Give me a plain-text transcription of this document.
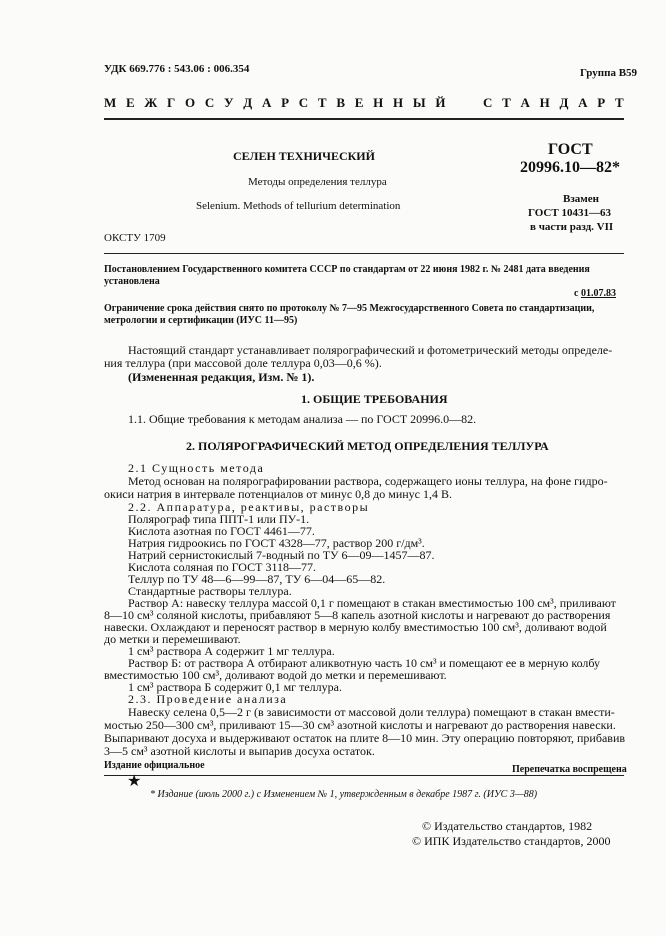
УДК 669.776 : 543.06 : 006.354	Группа В59
М Е Ж Г О С У Д А Р С Т В Е Н Н Ы Й	С Т А Н Д А Р Т
СЕЛЕН ТЕХНИЧЕСКИЙ
Методы определения теллура
Selenium. Methods of tellurium determination
ГОСТ
20996.10—82*
Взамен
ГОСТ 10431—63
в части разд. VII
ОКСТУ 1709
Постановлением Государственного комитета СССР по стандартам от 22 июня 1982 г. № 2481 дата введения
установлена
с 01.07.83
Ограничение срока действия снято по протоколу № 7—95 Межгосударственного Совета по стандартизации,
метрологии и сертификации (ИУС 11—95)
Настоящий стандарт устанавливает полярографический и фотометрический методы определе-
ния теллура (при массовой доле теллура 0,03—0,6 %).
(Измененная редакция, Изм. № 1).
1. ОБЩИЕ ТРЕБОВАНИЯ
1.1. Общие требования к методам анализа — по ГОСТ 20996.0—82.
2. ПОЛЯРОГРАФИЧЕСКИЙ МЕТОД ОПРЕДЕЛЕНИЯ ТЕЛЛУРА
2.1 Сущность метода
Метод основан на полярографировании раствора, содержащего ионы теллура, на фоне гидро-
окиси натрия в интервале потенциалов от минус 0,8 до минус 1,4 В.
2.2. Аппаратура, реактивы, растворы
Полярограф типа ППТ-1 или ПУ-1.
Кислота азотная по ГОСТ 4461—77.
Натрия гидроокись по ГОСТ 4328—77, раствор 200 г/дм³.
Натрий сернистокислый 7-водный по ТУ 6—09—1457—87.
Кислота соляная по ГОСТ 3118—77.
Теллур по ТУ 48—6—99—87, ТУ 6—04—65—82.
Стандартные растворы теллура.
Раствор А: навеску теллура массой 0,1 г помещают в стакан вместимостью 100 см³, приливают
8—10 см³ соляной кислоты, прибавляют 5—8 капель азотной кислоты и нагревают до растворения
навески. Охлаждают и переносят раствор в мерную колбу вместимостью 100 см³, доливают водой
до метки и перемешивают.
1 см³ раствора А содержит 1 мг теллура.
Раствор Б: от раствора А отбирают аликвотную часть 10 см³ и помещают ее в мерную колбу
вместимостью 100 см³, доливают водой до метки и перемешивают.
1 см³ раствора Б содержит 0,1 мг теллура.
2.3. Проведение анализа
Навеску селена 0,5—2 г (в зависимости от массовой доли теллура) помещают в стакан вмести-
мостью 250—300 см³, приливают 15—30 см³ азотной кислоты и нагревают до растворения навески.
Выпаривают досуха и выдерживают остаток на плите 8—10 мин. Эту операцию повторяют, прибавив
3—5 см³ азотной кислоты и выпарив досуха остаток.
Издание официальное	Перепечатка воспрещена
★
* Издание (июль 2000 г.) с Изменением № 1, утвержденным в декабре 1987 г. (ИУС 3—88)
© Издательство стандартов, 1982
© ИПК Издательство стандартов, 2000
